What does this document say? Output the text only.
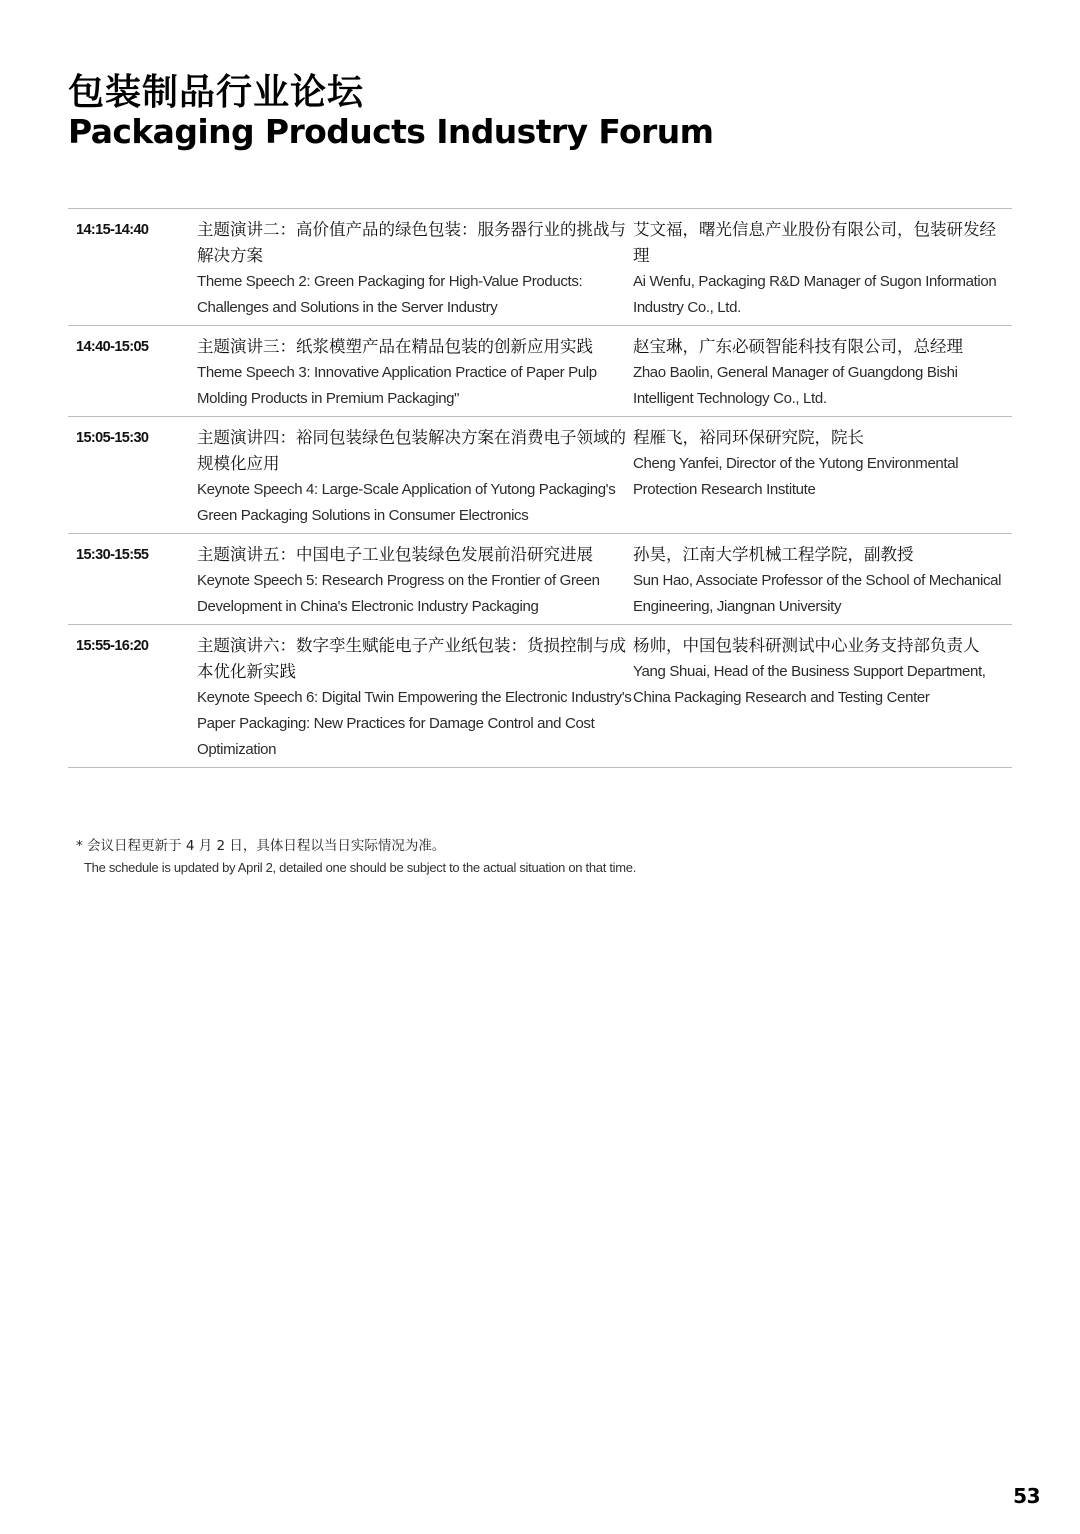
包装制品行业论坛
Packaging Products Industry Forum
14:15-14:40	主题演讲二：高价值产品的绿色包装：服务器行业的挑战与解决方案
Theme Speech 2: Green Packaging for High-Value Products: Challenges and Solutions in the Server Industry
艾文福，曙光信息产业股份有限公司，包装研发经理
Ai Wenfu, Packaging R&D Manager of Sugon Information Industry Co., Ltd.
14:40-15:05	主题演讲三：纸浆模塑产品在精品包装的创新应用实践
Theme Speech 3: Innovative Application Practice of Paper Pulp Molding Products in Premium Packaging"
赵宝琳，广东必硕智能科技有限公司，总经理
Zhao Baolin, General Manager of Guangdong Bishi Intelligent Technology Co., Ltd.
15:05-15:30	主题演讲四：裕同包装绿色包装解决方案在消费电子领域的规模化应用
Keynote Speech 4: Large-Scale Application of Yutong Packaging's Green Packaging Solutions in Consumer Electronics
程雁飞，裕同环保研究院，院长
Cheng Yanfei, Director of the Yutong Environmental Protection Research Institute
15:30-15:55	主题演讲五：中国电子工业包装绿色发展前沿研究进展
Keynote Speech 5: Research Progress on the Frontier of Green Development in China's Electronic Industry Packaging
孙昊，江南大学机械工程学院，副教授
Sun Hao, Associate Professor of the School of Mechanical Engineering, Jiangnan University
15:55-16:20	主题演讲六：数字孪生赋能电子产业纸包装：货损控制与成本优化新实践
Keynote Speech 6: Digital Twin Empowering the Electronic Industry's Paper Packaging: New Practices for Damage Control and Cost Optimization
杨帅，中国包装科研测试中心业务支持部负责人
Yang Shuai, Head of the Business Support Department, China Packaging Research and Testing Center
* 会议日程更新于 4 月 2 日，具体日程以当日实际情况为准。
The schedule is updated by April 2, detailed one should be subject to the actual situation on that time.
53
